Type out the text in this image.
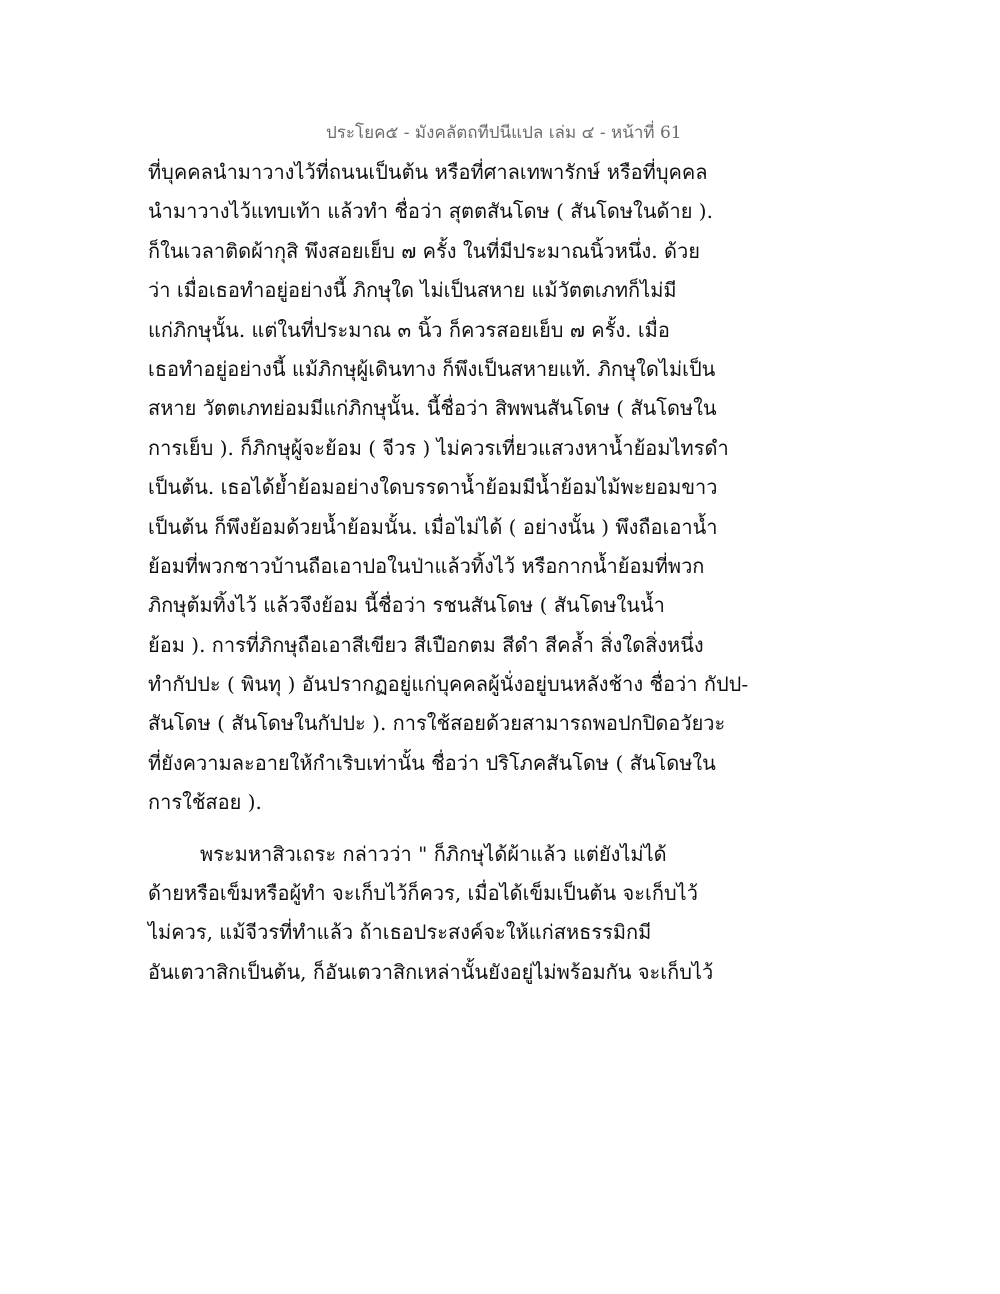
ประโยค๕ - มังคลัตถทีปนีแปล เล่ม ๔ - หน้าที่ 61
ที่บุคคลนำมาวางไว้ที่ถนนเป็นต้น หรือที่ศาลเทพารักษ์ หรือที่บุคคล
นำมาวางไว้แทบเท้า แล้วทำ ชื่อว่า สุตตสันโดษ ( สันโดษในด้าย ).
ก็ในเวลาติดผ้ากุสิ พึงสอยเย็บ ๗ ครั้ง ในที่มีประมาณนิ้วหนึ่ง. ด้วย
ว่า เมื่อเธอทำอยู่อย่างนี้ ภิกษุใด ไม่เป็นสหาย แม้วัตตเภทก็ไม่มี
แก่ภิกษุนั้น. แต่ในที่ประมาณ ๓ นิ้ว ก็ควรสอยเย็บ ๗ ครั้ง. เมื่อ
เธอทำอยู่อย่างนี้ แม้ภิกษุผู้เดินทาง ก็พึงเป็นสหายแท้. ภิกษุใดไม่เป็น
สหาย วัตตเภทย่อมมีแก่ภิกษุนั้น. นี้ชื่อว่า สิพพนสันโดษ ( สันโดษใน
การเย็บ ). ก็ภิกษุผู้จะย้อม ( จีวร ) ไม่ควรเที่ยวแสวงหาน้ำย้อมไทรดำ
เป็นต้น. เธอได้ย้ำย้อมอย่างใดบรรดาน้ำย้อมมีน้ำย้อมไม้พะยอมขาว
เป็นต้น ก็พึงย้อมด้วยน้ำย้อมนั้น. เมื่อไม่ได้ ( อย่างนั้น ) พึงถือเอาน้ำ
ย้อมที่พวกชาวบ้านถือเอาปอในป่าแล้วทิ้งไว้ หรือกากน้ำย้อมที่พวก
ภิกษุต้มทิ้งไว้ แล้วจึงย้อม นี้ชื่อว่า รชนสันโดษ ( สันโดษในน้ำ
ย้อม ). การที่ภิกษุถือเอาสีเขียว สีเปือกตม สีดำ สีคล้ำ สิ่งใดสิ่งหนึ่ง
ทำกัปปะ ( พินทุ ) อันปรากฏอยู่แก่บุคคลผู้นั่งอยู่บนหลังช้าง ชื่อว่า กัปป-
สันโดษ ( สันโดษในกัปปะ ). การใช้สอยด้วยสามารถพอปกปิดอวัยวะ
ที่ยังความละอายให้กำเริบเท่านั้น ชื่อว่า ปริโภคสันโดษ ( สันโดษใน
การใช้สอย ).
พระมหาสิวเถระ กล่าวว่า " ก็ภิกษุได้ผ้าแล้ว แต่ยังไม่ได้
ด้ายหรือเข็มหรือผู้ทำ จะเก็บไว้ก็ควร, เมื่อได้เข็มเป็นต้น จะเก็บไว้
ไม่ควร, แม้จีวรที่ทำแล้ว ถ้าเธอประสงค์จะให้แก่สหธรรมิกมี
อันเตวาสิกเป็นต้น, ก็อันเตวาสิกเหล่านั้นยังอยู่ไม่พร้อมกัน จะเก็บไว้
